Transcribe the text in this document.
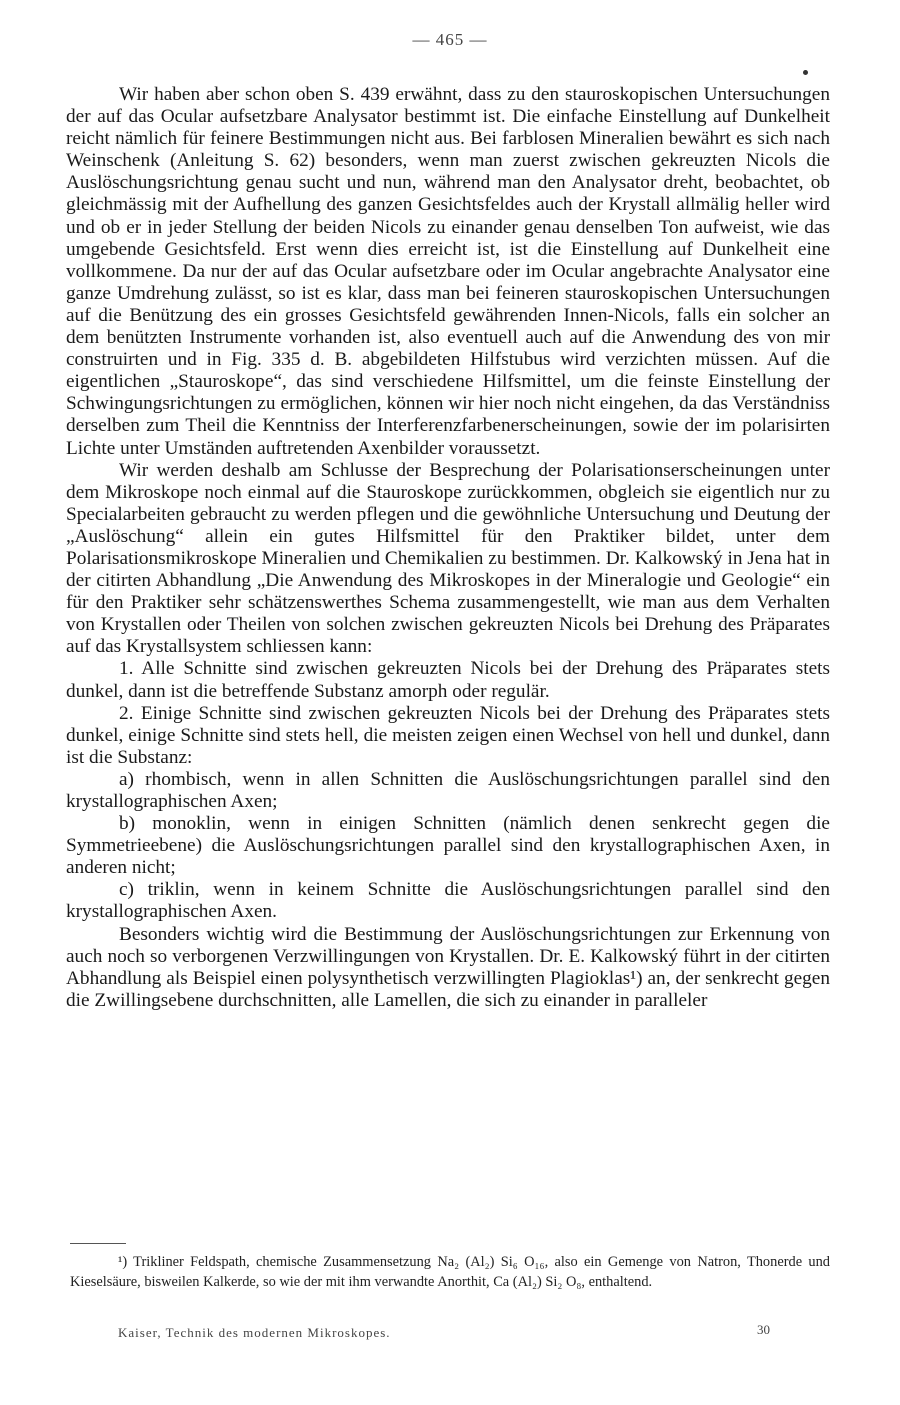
— 465 —

Wir haben aber schon oben S. 439 erwähnt, dass zu den stauroskopischen Untersuchungen der auf das Ocular aufsetzbare Analysator bestimmt ist. Die einfache Einstellung auf Dunkelheit reicht nämlich für feinere Bestimmungen nicht aus. Bei farblosen Mineralien bewährt es sich nach Weinschenk (Anleitung S. 62) besonders, wenn man zuerst zwischen gekreuzten Nicols die Auslöschungsrichtung genau sucht und nun, während man den Analysator dreht, beobachtet, ob gleichmässig mit der Aufhellung des ganzen Gesichtsfeldes auch der Krystall allmälig heller wird und ob er in jeder Stellung der beiden Nicols zu einander genau denselben Ton aufweist, wie das umgebende Gesichtsfeld. Erst wenn dies erreicht ist, ist die Einstellung auf Dunkelheit eine vollkommene. Da nur der auf das Ocular aufsetzbare oder im Ocular angebrachte Analysator eine ganze Umdrehung zulässt, so ist es klar, dass man bei feineren stauroskopischen Untersuchungen auf die Benützung des ein grosses Gesichtsfeld gewährenden Innen-Nicols, falls ein solcher an dem benützten Instrumente vorhanden ist, also eventuell auch auf die Anwendung des von mir construirten und in Fig. 335 d. B. abgebildeten Hilfstubus wird verzichten müssen. Auf die eigentlichen „Stauroskope“, das sind verschiedene Hilfsmittel, um die feinste Einstellung der Schwingungsrichtungen zu ermöglichen, können wir hier noch nicht eingehen, da das Verständniss derselben zum Theil die Kenntniss der Interferenzfarbenerscheinungen, sowie der im polarisirten Lichte unter Umständen auftretenden Axenbilder voraussetzt.

Wir werden deshalb am Schlusse der Besprechung der Polarisationserscheinungen unter dem Mikroskope noch einmal auf die Stauroskope zurückkommen, obgleich sie eigentlich nur zu Specialarbeiten gebraucht zu werden pflegen und die gewöhnliche Untersuchung und Deutung der „Auslöschung“ allein ein gutes Hilfsmittel für den Praktiker bildet, unter dem Polarisationsmikroskope Mineralien und Chemikalien zu bestimmen. Dr. Kalkowský in Jena hat in der citirten Abhandlung „Die Anwendung des Mikroskopes in der Mineralogie und Geologie“ ein für den Praktiker sehr schätzenswerthes Schema zusammengestellt, wie man aus dem Verhalten von Krystallen oder Theilen von solchen zwischen gekreuzten Nicols bei Drehung des Präparates auf das Krystallsystem schliessen kann:

1. Alle Schnitte sind zwischen gekreuzten Nicols bei der Drehung des Präparates stets dunkel, dann ist die betreffende Substanz amorph oder regulär.

2. Einige Schnitte sind zwischen gekreuzten Nicols bei der Drehung des Präparates stets dunkel, einige Schnitte sind stets hell, die meisten zeigen einen Wechsel von hell und dunkel, dann ist die Substanz:

a) rhombisch, wenn in allen Schnitten die Auslöschungsrichtungen parallel sind den krystallographischen Axen;

b) monoklin, wenn in einigen Schnitten (nämlich denen senkrecht gegen die Symmetrieebene) die Auslöschungsrichtungen parallel sind den krystallographischen Axen, in anderen nicht;

c) triklin, wenn in keinem Schnitte die Auslöschungsrichtungen parallel sind den krystallographischen Axen.

Besonders wichtig wird die Bestimmung der Auslöschungsrichtungen zur Erkennung von auch noch so verborgenen Verzwillingungen von Krystallen. Dr. E. Kalkowský führt in der citirten Abhandlung als Beispiel einen polysynthetisch verzwillingten Plagioklas¹) an, der senkrecht gegen die Zwillingsebene durchschnitten, alle Lamellen, die sich zu einander in paralleler

¹) Trikliner Feldspath, chemische Zusammensetzung Na₂ (Al₂) Si₆ O₁₆, also ein Gemenge von Natron, Thonerde und Kieselsäure, bisweilen Kalkerde, so wie der mit ihm verwandte Anorthit, Ca (Al₂) Si₂ O₈, enthaltend.

Kaiser, Technik des modernen Mikroskopes.	30
